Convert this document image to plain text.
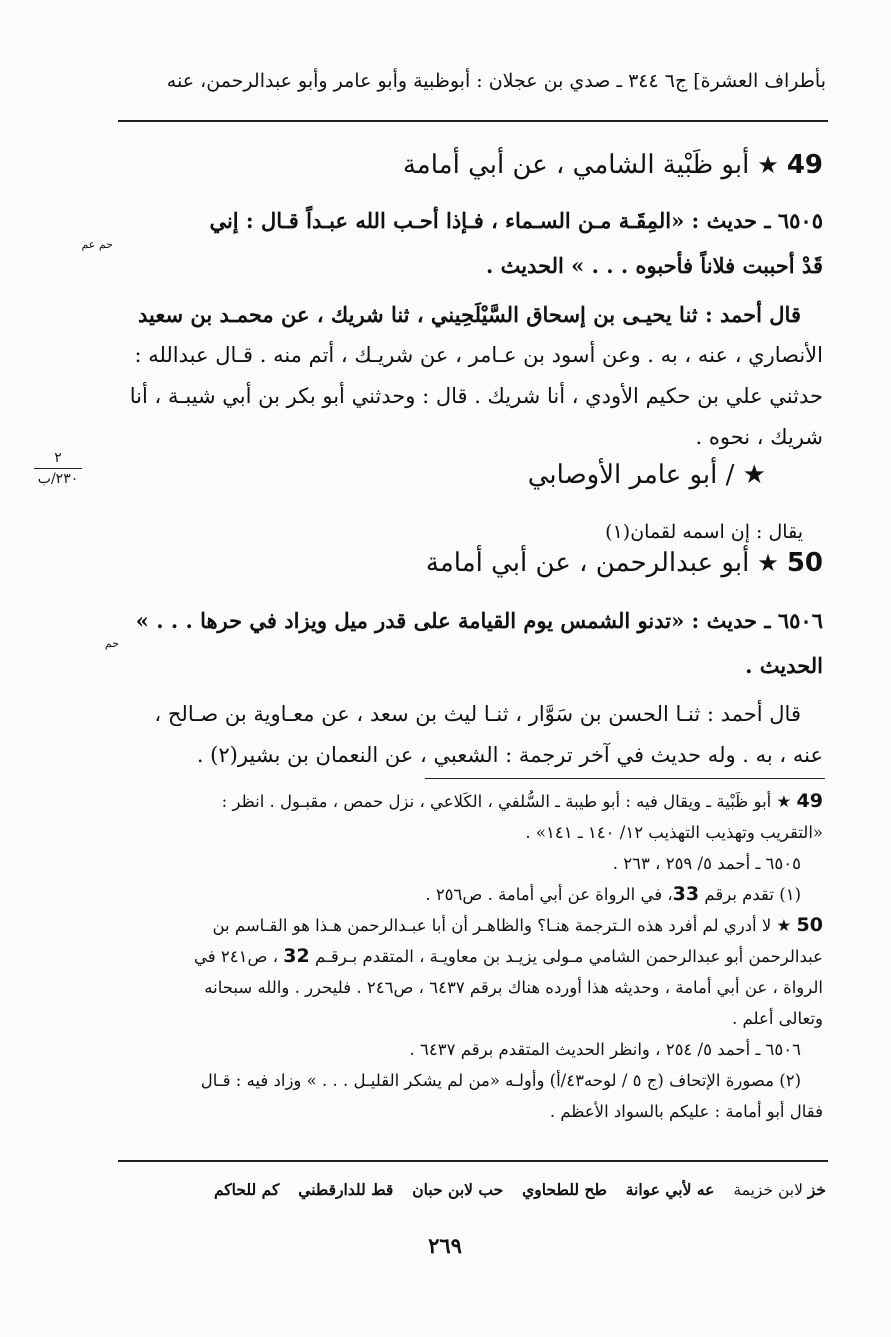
بأطراف العشرة] ج٦ ٣٤٤ ـ صدي بن عجلان : أبوظبية وأبو عامر وأبو عبدالرحمن، عنه
49★أبو ظَبْية الشامي ، عن أبي أمامة
٦٥٠٥ ـ حديث : «المِقَـة مـن السـماء ، فـإذا أحـب الله عبـداً قـال : إني
قَدْ أحببت فلاناً فأحبوه . . . » الحديث .
حم عم
قال أحمد : ثنا يحيـى بن إسحاق السَّيْلَحِيني ، ثنا شريك ، عن محمـد بن سعيد
الأنصاري ، عنه ، به . وعن أسود بن عـامر ، عن شريـك ، أتم منه . قـال عبدالله :
حدثني علي بن حكيم الأودي ، أنا شريك . قال : وحدثني أبو بكر بن أبي شيبـة ، أنا
شريك ، نحوه .
٢
٢٣٠/ب	★ / أبو عامر الأوصابي
يقال : إن اسمه لقمان(١)
50★أبو عبدالرحمن ، عن أبي أمامة
٦٥٠٦ ـ حديث : «تدنو الشمس يوم القيامة على قدر ميل ويزاد في حرها . . . »
الحديث .
حم
قال أحمد : ثنـا الحسن بن سَوَّار ، ثنـا ليث بن سعد ، عن معـاوية بن صـالح ،
عنه ، به . وله حديث في آخر ترجمة : الشعبي ، عن النعمان بن بشير(٢) .
49 ★ أبو ظَبْية ـ ويقال فيه : أبو طيبة ـ السُّلفي ، الكَلاعي ، نزل حمص ، مقبـول . انظر :
«التقريب وتهذيب التهذيب ١٢/ ١٤٠ ـ ١٤١» .
٦٥٠٥ ـ أحمد ٥/ ٢٥٩ ، ٢٦٣ .
(١) تقدم برقم 33، في الرواة عن أبي أمامة . ص٢٥٦ .
50 ★ لا أدري لم أفرد هذه الـترجمة هنـا؟ والظاهـر أن أبا عبـدالرحمن هـذا هو القـاسم بن
عبدالرحمن أبو عبدالرحمن الشامي مـولى يزيـد بن معاويـة ، المتقدم بـرقـم 32 ، ص٢٤١ في
الرواة ، عن أبي أمامة ، وحديثه هذا أورده هناك برقم ٦٤٣٧ ، ص٢٤٦ . فليحرر . والله سبحانه
وتعالى أعلم .
٦٥٠٦ ـ أحمد ٥/ ٢٥٤ ، وانظر الحديث المتقدم برقم ٦٤٣٧ .
(٢) مصورة الإتحاف (ج ٥ / لوحه٤٣/أ) وأولـه «من لم يشكر القليـل . . . » وزاد فيه : قـال
فقال أبو أمامة : عليكم بالسواد الأعظم .
خز لابن خزيمة عه لأبي عوانة طح للطحاوي حب لابن حبان قط للدارقطني كم للحاكم
٢٦٩
